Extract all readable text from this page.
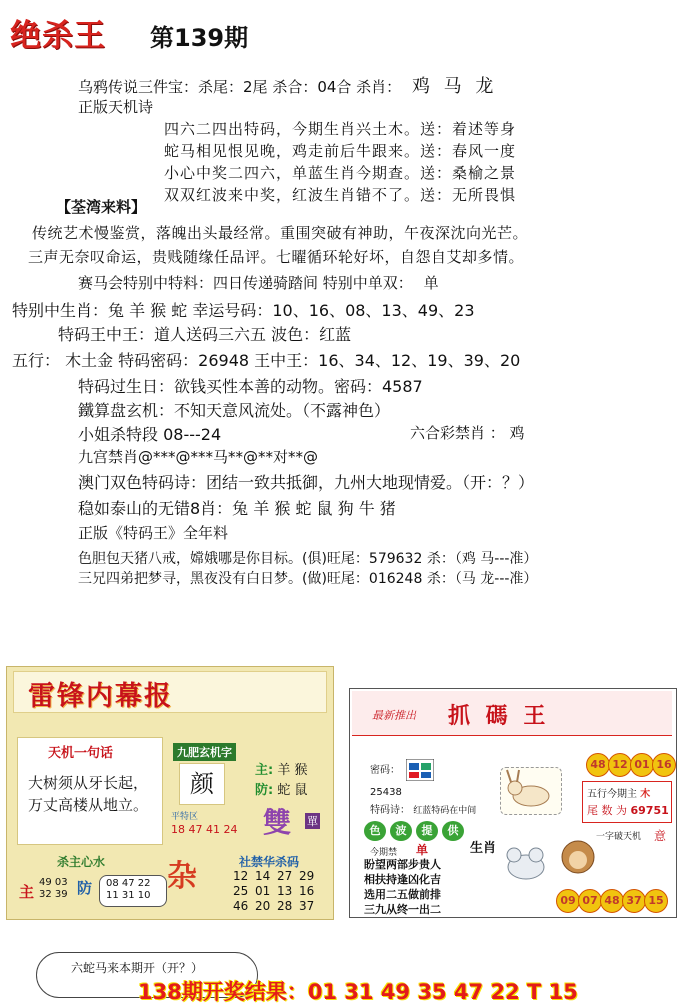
绝杀王 第139期
乌鸦传说三件宝：杀尾：2尾 杀合：04合 杀肖： 鸡 马 龙
正版天机诗
四六二四出特码，今期生肖兴土木。送：着述等身
蛇马相见恨见晚，鸡走前后牛跟来。送：春风一度
小心中奖二四六，单蓝生肖今期查。送：桑榆之景
双双红波来中奖，红波生肖错不了。送：无所畏惧
【荃湾来料】
传统艺术慢鉴赏，落魄出头最经常。重围突破有神助，午夜深沈向光芒。
三声无奈叹命运，贵贱随缘任品评。七曜循环轮好坏，自怨自艾却多情。
赛马会特别中特料：四日传递骑踏间 特别中单双： 单
特别中生肖：兔 羊 猴 蛇 幸运号码：10、16、08、13、49、23
特码王中王：道人送码三六五 波色：红蓝
五行： 木土金 特码密码：26948 王中王：16、34、12、19、39、20
特码过生日：欲钱买性本善的动物。密码：4587
鐵算盘玄机：不知天意风流处。（不露神色）
小姐杀特段 08---24	六合彩禁肖 ： 鸡
九宫禁肖@***@***马**@**对**@
澳门双色特码诗：团结一致共抵御，九州大地现情爱。（开：？）
稳如泰山的无错8肖：兔 羊 猴 蛇 鼠 狗 牛 猪
正版《特码王》全年料
色胆包天猪八戒，嫦娥哪是你目标。(俱)旺尾：579632 杀：（鸡 马---准）
三兄四弟把梦寻，黑夜没有白日梦。(做)旺尾：016248 杀：（马 龙---准）
雷锋内幕报
天机一句话
大树须从牙长起，
万丈高楼从地立。
九肥玄机字
颜
平特区
18 47 41 24
主: 羊 猴
防: 蛇 鼠
雙 單
杂	社禁华杀码
12 14 27 29
25 01 13 16
46 20 28 37
杀主心水
主
49 03
32 39 防 08 47 22
11 31 10
最新推出 抓 碼 王
密码：
25438
特码诗： 红蓝特码在中间
48 12 01 16
五行今期主 木
尾 数 为 69751
色	波	提	供
今期禁 单	生肖
盼望两部步贵人
相扶持逢凶化吉
选用二五做前排
三九从终一出二
一字破天机 意
09 07 48 37 15
六蛇马来本期开（开？）
138期开奖结果：01 31 49 35 47 22 T 15
